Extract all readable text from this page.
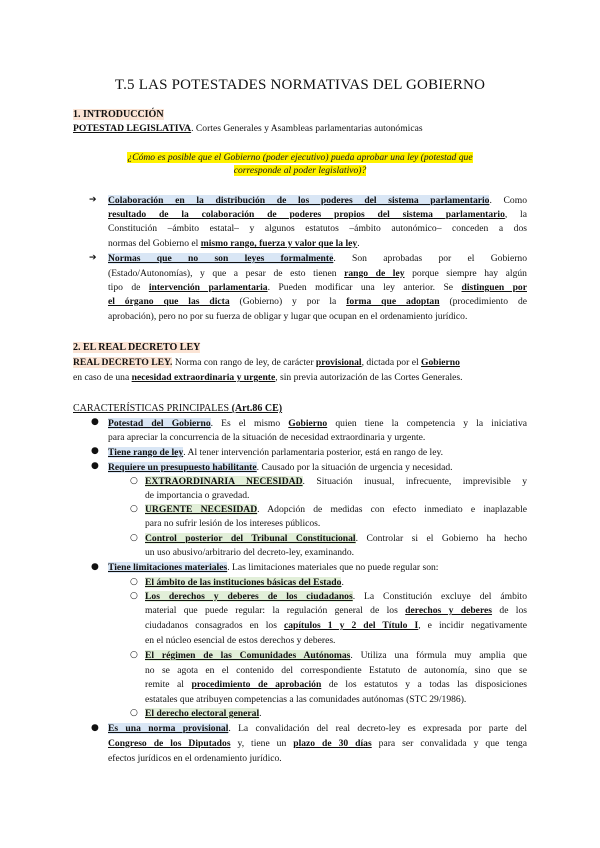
T.5 LAS POTESTADES NORMATIVAS DEL GOBIERNO
1. INTRODUCCIÓN
POTESTAD LEGISLATIVA. Cortes Generales y Asambleas parlamentarias autonómicas
¿Cómo es posible que el Gobierno (poder ejecutivo) pueda aprobar una ley (potestad que
corresponde al poder legislativo)?
➔ Colaboración en la distribución de los poderes del sistema parlamentario. Como
resultado de la colaboración de poderes propios del sistema parlamentario, la
Constitución –ámbito estatal– y algunos estatutos –ámbito autonómico– conceden a dos
normas del Gobierno el mismo rango, fuerza y valor que la ley.
➔ Normas que no son leyes formalmente. Son aprobadas por el Gobierno
(Estado/Autonomías), y que a pesar de esto tienen rango de ley porque siempre hay algún
tipo de intervención parlamentaria. Pueden modificar una ley anterior. Se distinguen por
el órgano que las dicta (Gobierno) y por la forma que adoptan (procedimiento de
aprobación), pero no por su fuerza de obligar y lugar que ocupan en el ordenamiento jurídico.
2. EL REAL DECRETO LEY
REAL DECRETO LEY. Norma con rango de ley, de carácter provisional, dictada por el Gobierno
en caso de una necesidad extraordinaria y urgente, sin previa autorización de las Cortes Generales.
CARACTERÍSTICAS PRINCIPALES (Art.86 CE)
● Potestad del Gobierno. Es el mismo Gobierno quien tiene la competencia y la iniciativa
para apreciar la concurrencia de la situación de necesidad extraordinaria y urgente.
● Tiene rango de ley. Al tener intervención parlamentaria posterior, está en rango de ley.
● Requiere un presupuesto habilitante. Causado por la situación de urgencia y necesidad.
○ EXTRAORDINARIA NECESIDAD. Situación inusual, infrecuente, imprevisible y
de importancia o gravedad.
○ URGENTE NECESIDAD. Adopción de medidas con efecto inmediato e inaplazable
para no sufrir lesión de los intereses públicos.
○ Control posterior del Tribunal Constitucional. Controlar si el Gobierno ha hecho
un uso abusivo/arbitrario del decreto-ley, examinando.
● Tiene limitaciones materiales. Las limitaciones materiales que no puede regular son:
○ El ámbito de las instituciones básicas del Estado.
○ Los derechos y deberes de los ciudadanos. La Constitución excluye del ámbito
material que puede regular: la regulación general de los derechos y deberes de los
ciudadanos consagrados en los capítulos 1 y 2 del Título I, e incidir negativamente
en el núcleo esencial de estos derechos y deberes.
○ El régimen de las Comunidades Autónomas. Utiliza una fórmula muy amplia que
no se agota en el contenido del correspondiente Estatuto de autonomía, sino que se
remite al procedimiento de aprobación de los estatutos y a todas las disposiciones
estatales que atribuyen competencias a las comunidades autónomas (STC 29/1986).
○ El derecho electoral general.
● Es una norma provisional. La convalidación del real decreto-ley es expresada por parte del
Congreso de los Diputados y, tiene un plazo de 30 días para ser convalidada y que tenga
efectos jurídicos en el ordenamiento jurídico.
